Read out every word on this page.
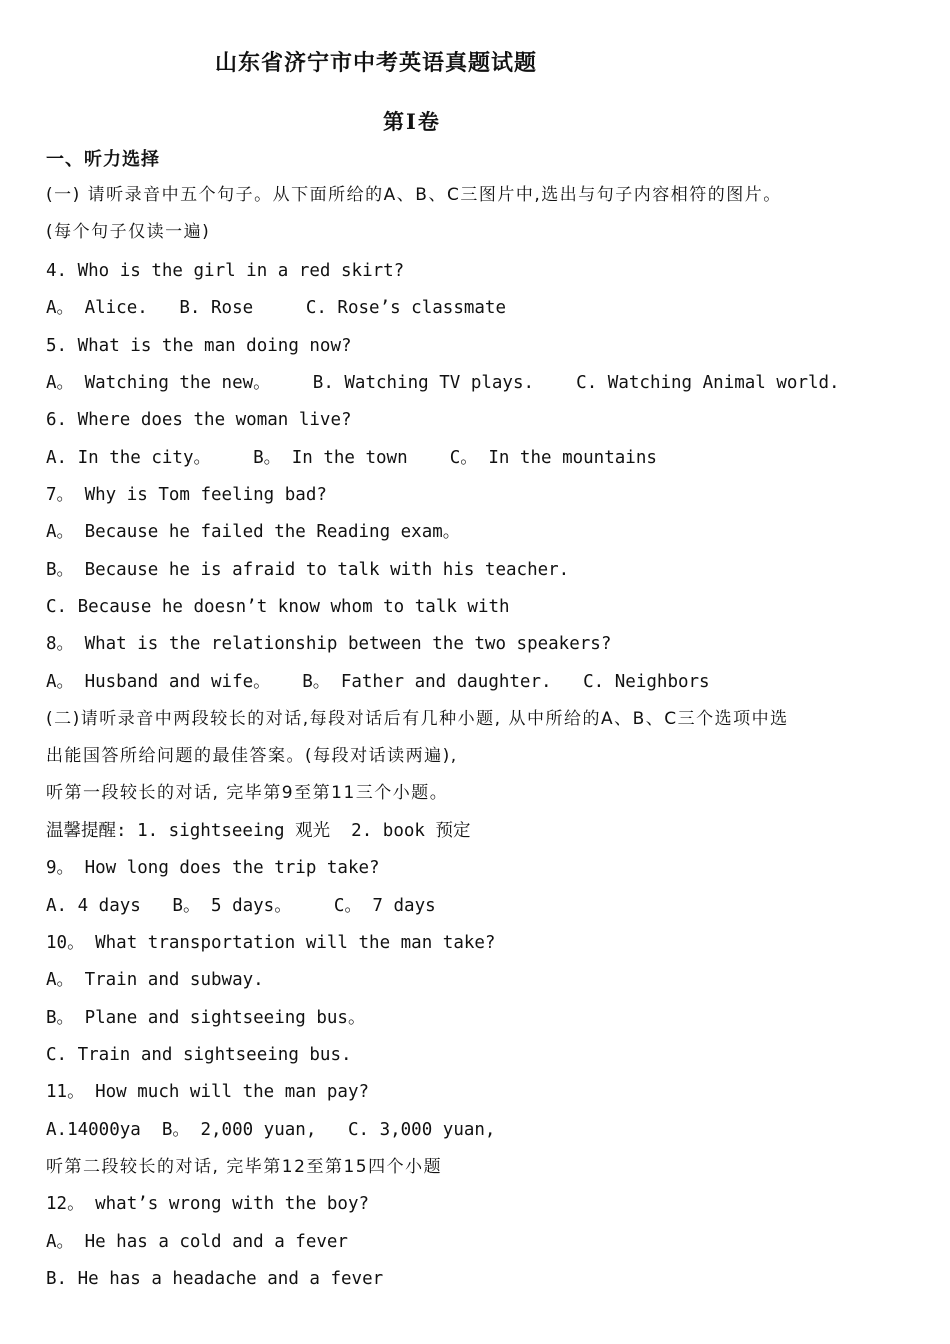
山东省济宁市中考英语真题试题
第Ⅰ卷
一、听力选择
(一) 请听录音中五个句子。从下面所给的A、B、C三图片中,选出与句子内容相符的图片。
(每个句子仅读一遍)
4. Who is the girl in a red skirt?
A。 Alice.   B. Rose     C. Rose’s classmate
5. What is the man doing now?
A。 Watching the new。    B. Watching TV plays.    C. Watching Animal world.
6. Where does the woman live?
A. In the city。    B。 In the town    C。 In the mountains
7。 Why is Tom feeling bad?
A。 Because he failed the Reading exam。
B。 Because he is afraid to talk with his teacher.
C. Because he doesn’t know whom to talk with
8。 What is the relationship between the two speakers?
A。 Husband and wife。   B。 Father and daughter.   C. Neighbors
(二)请听录音中两段较长的对话,每段对话后有几种小题, 从中所给的A、B、C三个选项中选
出能国答所给问题的最佳答案。(每段对话读两遍),
听第一段较长的对话, 完毕第9至第11三个小题。
温馨提醒: 1. sightseeing 观光  2. book 预定
9。 How long does the trip take?
A. 4 days   B。 5 days。    C。 7 days
10。 What transportation will the man take?
A。 Train and subway.
B。 Plane and sightseeing bus。
C. Train and sightseeing bus.
11。 How much will the man pay?
A.14000ya  B。 2,000 yuan,   C. 3,000 yuan,
听第二段较长的对话, 完毕第12至第15四个小题
12。 what’s wrong with the boy?
A。 He has a cold and a fever
B. He has a headache and a fever
